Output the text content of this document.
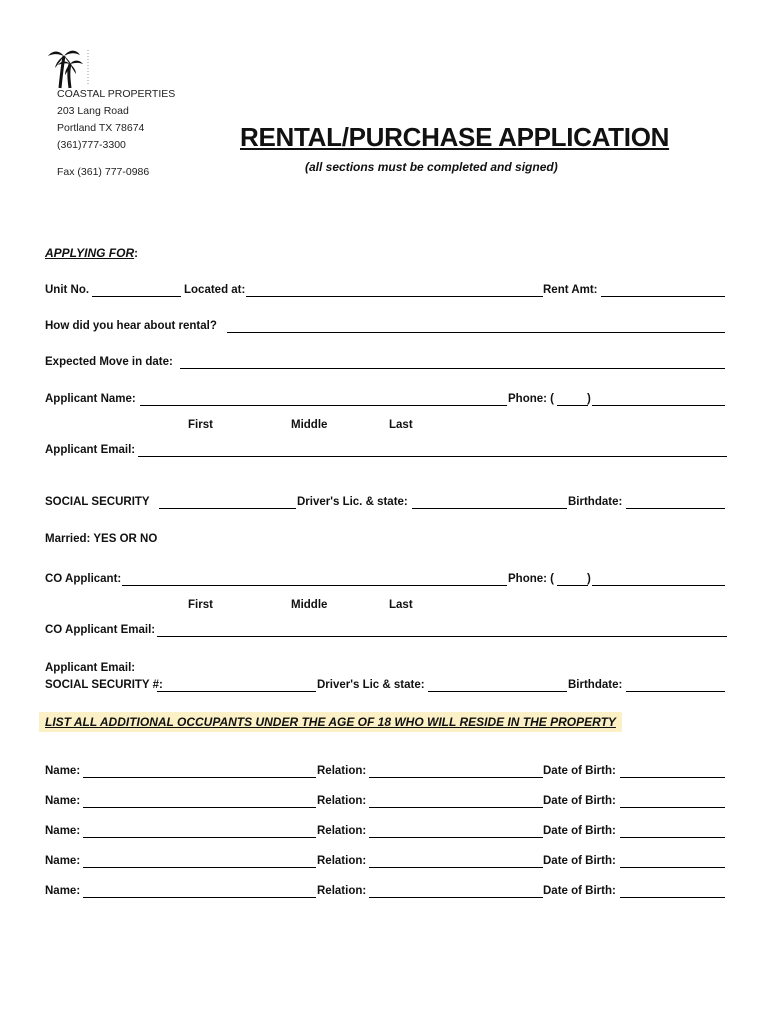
COASTAL PROPERTIES
203 Lang Road
Portland TX 78674
(361)777-3300
Fax (361) 777-0986
RENTAL/PURCHASE APPLICATION
(all sections must be completed and signed)
APPLYING FOR:
Unit No.	Located at:	Rent Amt:
How did you hear about rental?
Expected Move in date:
Applicant Name:	Phone: (	)
First	Middle	Last
Applicant Email:
SOCIAL SECURITY	Driver's Lic. & state:	Birthdate:
Married: YES OR NO
CO Applicant:	Phone: (	)
First	Middle	Last
CO Applicant Email:
Applicant Email:
SOCIAL SECURITY #:	Driver's Lic & state:	Birthdate:
LIST ALL ADDITIONAL OCCUPANTS UNDER THE AGE OF 18 WHO WILL RESIDE IN THE PROPERTY
Name:	Relation:	Date of Birth:
Name:	Relation:	Date of Birth:
Name:	Relation:	Date of Birth:
Name:	Relation:	Date of Birth:
Name:	Relation:	Date of Birth:
